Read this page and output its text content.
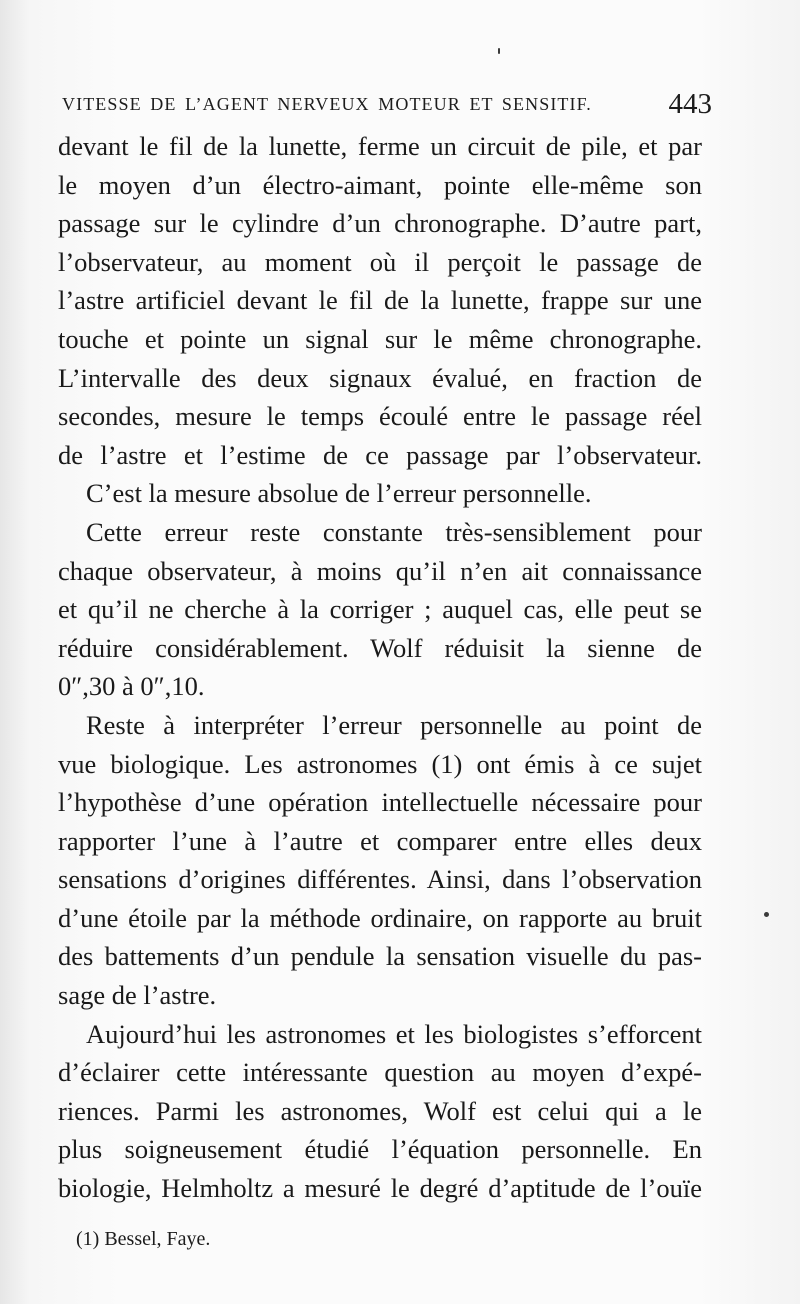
VITESSE DE L’AGENT NERVEUX MOTEUR ET SENSITIF.	443
devant le fil de la lunette, ferme un circuit de pile, et par
le moyen d’un électro-aimant, pointe elle-même son
passage sur le cylindre d’un chronographe. D’autre part,
l’observateur, au moment où il perçoit le passage de
l’astre artificiel devant le fil de la lunette, frappe sur une
touche et pointe un signal sur le même chronographe.
L’intervalle des deux signaux évalué, en fraction de
secondes, mesure le temps écoulé entre le passage réel
de l’astre et l’estime de ce passage par l’observateur.
C’est la mesure absolue de l’erreur personnelle.
Cette erreur reste constante très-sensiblement pour
chaque observateur, à moins qu’il n’en ait connaissance
et qu’il ne cherche à la corriger ; auquel cas, elle peut se
réduire considérablement. Wolf réduisit la sienne de
0″,30 à 0″,10.
Reste à interpréter l’erreur personnelle au point de
vue biologique. Les astronomes (1) ont émis à ce sujet
l’hypothèse d’une opération intellectuelle nécessaire pour
rapporter l’une à l’autre et comparer entre elles deux
sensations d’origines différentes. Ainsi, dans l’observation
d’une étoile par la méthode ordinaire, on rapporte au bruit
des battements d’un pendule la sensation visuelle du pas-
sage de l’astre.
Aujourd’hui les astronomes et les biologistes s’efforcent
d’éclairer cette intéressante question au moyen d’expé-
riences. Parmi les astronomes, Wolf est celui qui a le
plus soigneusement étudié l’équation personnelle. En
biologie, Helmholtz a mesuré le degré d’aptitude de l’ouïe
(1) Bessel, Faye.
